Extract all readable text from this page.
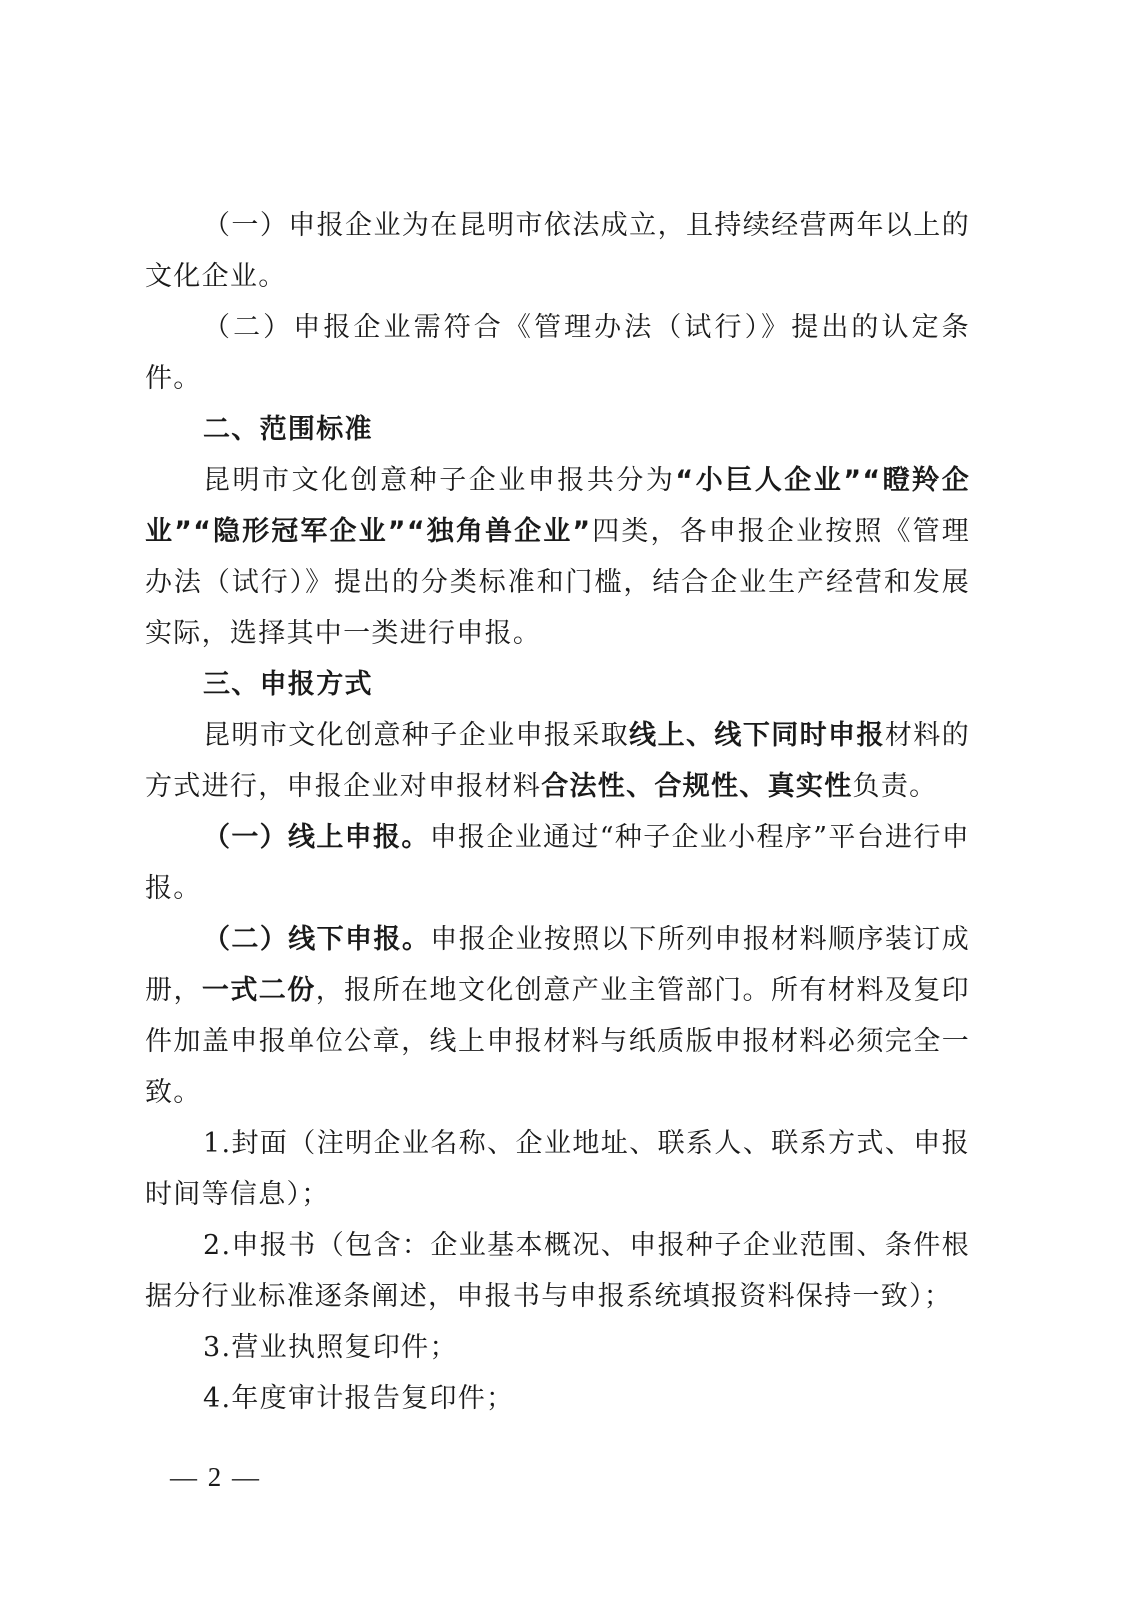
（一）申报企业为在昆明市依法成立，且持续经营两年以上的文化企业。

（二）申报企业需符合《管理办法（试行）》提出的认定条件。

二、范围标准

昆明市文化创意种子企业申报共分为“小巨人企业”“瞪羚企业”“隐形冠军企业”“独角兽企业”四类，各申报企业按照《管理办法（试行）》提出的分类标准和门槛，结合企业生产经营和发展实际，选择其中一类进行申报。

三、申报方式

昆明市文化创意种子企业申报采取线上、线下同时申报材料的方式进行，申报企业对申报材料合法性、合规性、真实性负责。

（一）线上申报。申报企业通过“种子企业小程序”平台进行申报。

（二）线下申报。申报企业按照以下所列申报材料顺序装订成册，一式二份，报所在地文化创意产业主管部门。所有材料及复印件加盖申报单位公章，线上申报材料与纸质版申报材料必须完全一致。

1.封面（注明企业名称、企业地址、联系人、联系方式、申报时间等信息）；

2.申报书（包含：企业基本概况、申报种子企业范围、条件根据分行业标准逐条阐述，申报书与申报系统填报资料保持一致）；

3.营业执照复印件；

4.年度审计报告复印件；

— 2 —
